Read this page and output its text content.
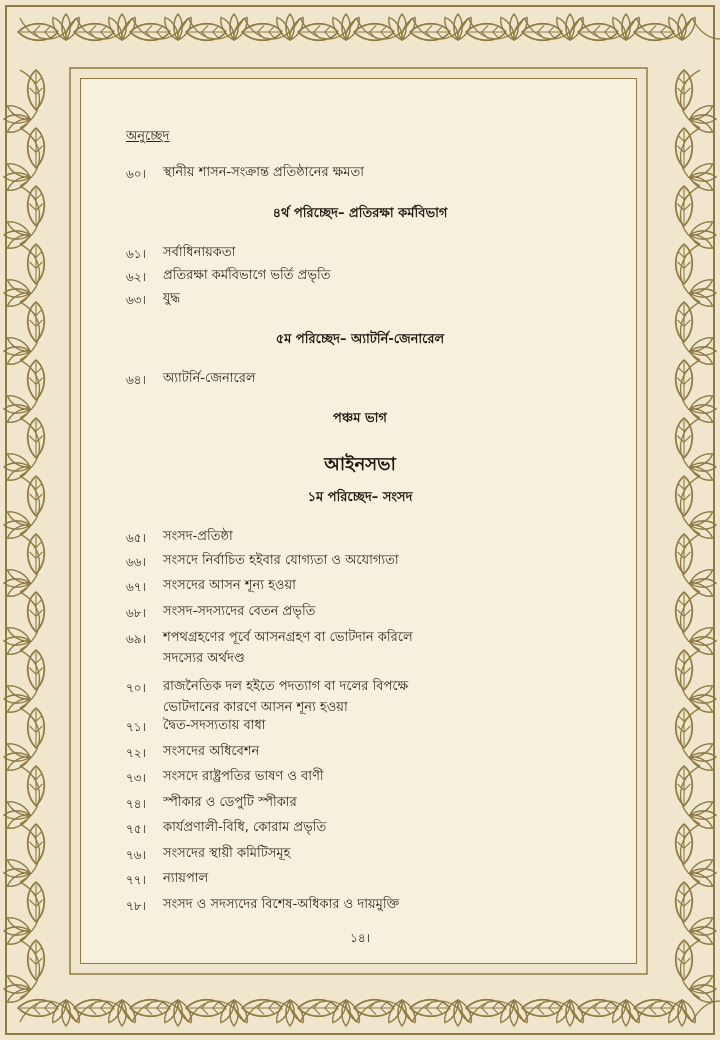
অনুচ্ছেদ
৬০। স্থানীয় শাসন-সংক্রান্ত প্রতিষ্ঠানের ক্ষমতা
৪র্থ পরিচ্ছেদ– প্রতিরক্ষা কর্মবিভাগ
৬১। সর্বাধিনায়কতা
৬২। প্রতিরক্ষা কর্মবিভাগে ভর্তি প্রভৃতি
৬৩। যুদ্ধ
৫ম পরিচ্ছেদ– অ্যাটর্নি-জেনারেল
৬৪। অ্যাটর্নি-জেনারেল
পঞ্চম ভাগ
আইনসভা
১ম পরিচ্ছেদ– সংসদ
৬৫। সংসদ-প্রতিষ্ঠা
৬৬। সংসদে নির্বাচিত হইবার যোগ্যতা ও অযোগ্যতা
৬৭। সংসদের আসন শূন্য হওয়া
৬৮। সংসদ-সদস্যদের বেতন প্রভৃতি
৬৯। শপথগ্রহণের পূর্বে আসনগ্রহণ বা ভোটদান করিলে
সদস্যের অর্থদণ্ড
৭০। রাজনৈতিক দল হইতে পদত্যাগ বা দলের বিপক্ষে
ভোটদানের কারণে আসন শূন্য হওয়া
৭১। দ্বৈত-সদস্যতায় বাধা
৭২। সংসদের অধিবেশন
৭৩। সংসদে রাষ্ট্রপতির ভাষণ ও বাণী
৭৪। স্পীকার ও ডেপুটি স্পীকার
৭৫। কার্যপ্রণালী-বিধি, কোরাম প্রভৃতি
৭৬। সংসদের স্থায়ী কমিটিসমূহ
৭৭। ন্যায়পাল
৭৮। সংসদ ও সদস্যদের বিশেষ-অধিকার ও দায়মুক্তি
১৪।
